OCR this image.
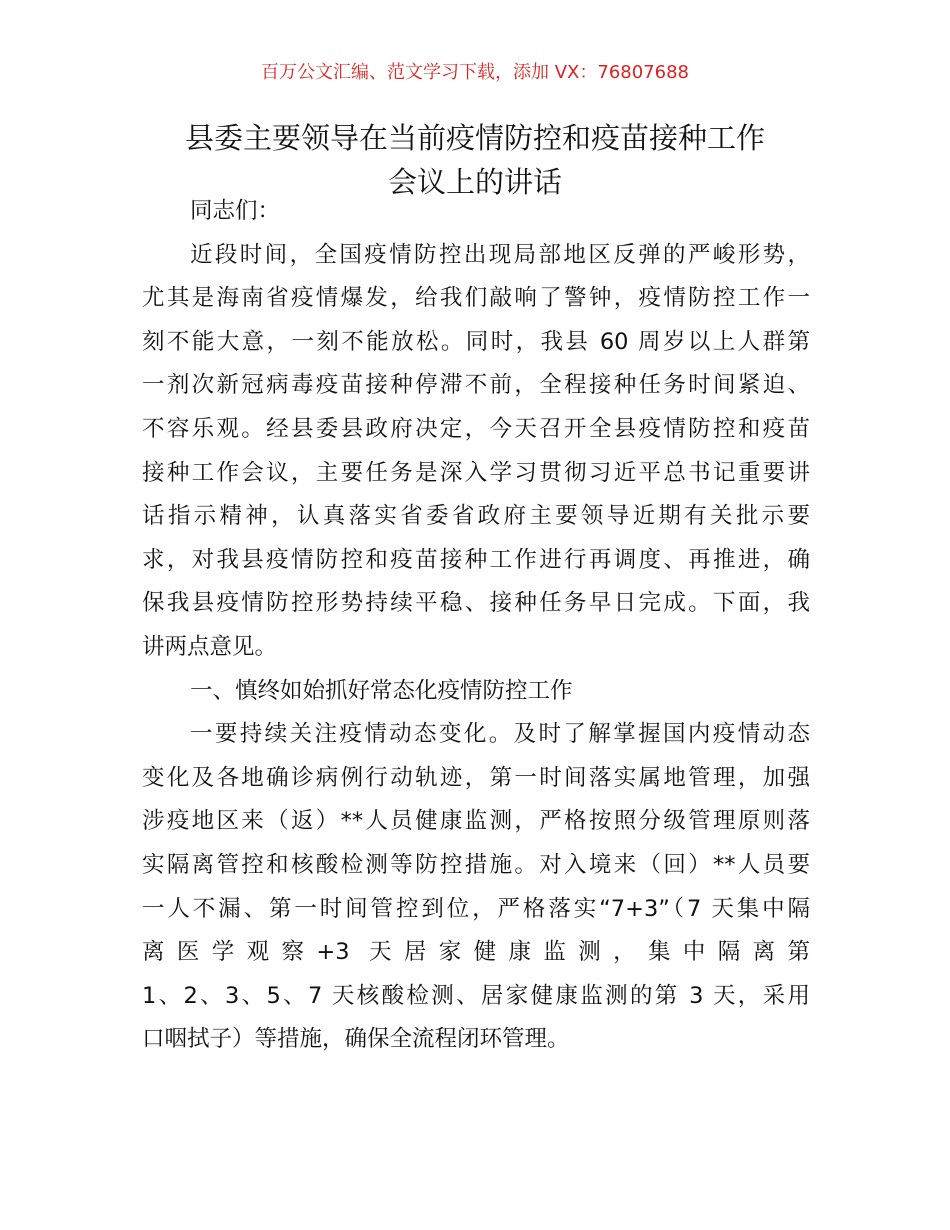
百万公文汇编、范文学习下载，添加 VX：76807688
县委主要领导在当前疫情防控和疫苗接种工作
会议上的讲话
同志们：
近段时间，全国疫情防控出现局部地区反弹的严峻形势，
尤其是海南省疫情爆发，给我们敲响了警钟，疫情防控工作一
刻不能大意，一刻不能放松。同时，我县 60 周岁以上人群第
一剂次新冠病毒疫苗接种停滞不前，全程接种任务时间紧迫、
不容乐观。经县委县政府决定，今天召开全县疫情防控和疫苗
接种工作会议，主要任务是深入学习贯彻习近平总书记重要讲
话指示精神，认真落实省委省政府主要领导近期有关批示要
求，对我县疫情防控和疫苗接种工作进行再调度、再推进，确
保我县疫情防控形势持续平稳、接种任务早日完成。下面，我
讲两点意见。
一、慎终如始抓好常态化疫情防控工作
一要持续关注疫情动态变化。及时了解掌握国内疫情动态
变化及各地确诊病例行动轨迹，第一时间落实属地管理，加强
涉疫地区来（返）**人员健康监测，严格按照分级管理原则落
实隔离管控和核酸检测等防控措施。对入境来（回）**人员要
一人不漏、第一时间管控到位，严格落实“7+3”（7 天集中隔
离医学观察+3 天居家健康监测，集中隔离第
1、2、3、5、7 天核酸检测、居家健康监测的第 3 天，采用
口咽拭子）等措施，确保全流程闭环管理。
